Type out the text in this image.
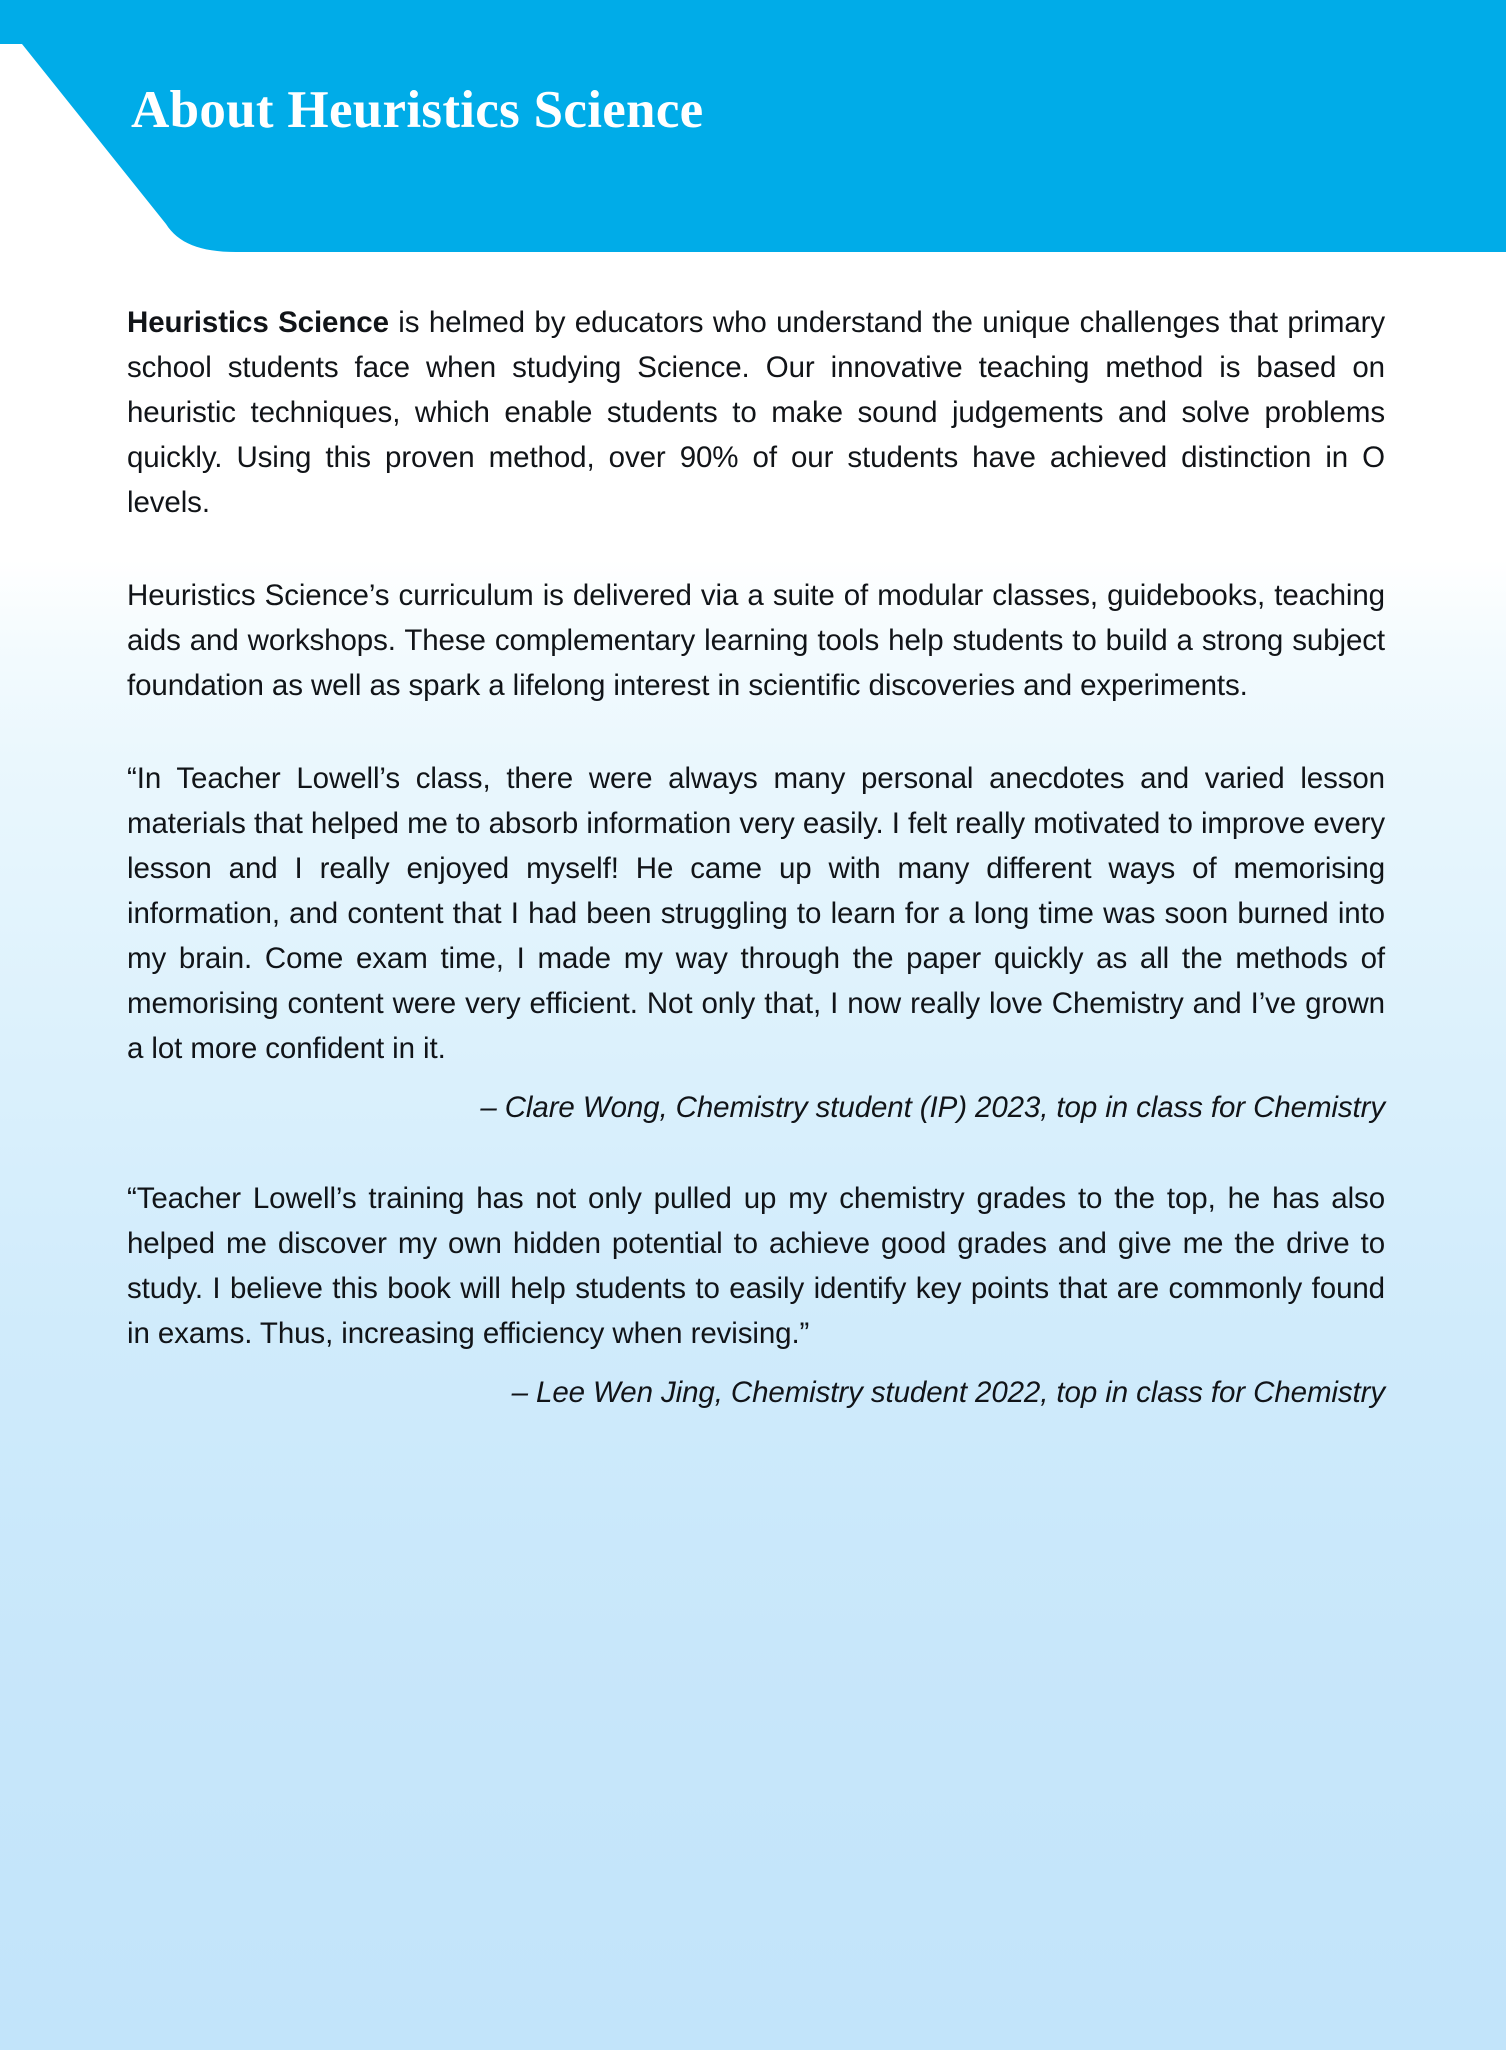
About Heuristics Science

Heuristics Science is helmed by educators who understand the unique challenges that primary school students face when studying Science. Our innovative teaching method is based on heuristic techniques, which enable students to make sound judgements and solve problems quickly. Using this proven method, over 90% of our students have achieved distinction in O levels.

Heuristics Science’s curriculum is delivered via a suite of modular classes, guidebooks, teaching aids and workshops. These complementary learning tools help students to build a strong subject foundation as well as spark a lifelong interest in scientific discoveries and experiments.

“In Teacher Lowell’s class, there were always many personal anecdotes and varied lesson materials that helped me to absorb information very easily. I felt really motivated to improve every lesson and I really enjoyed myself! He came up with many different ways of memorising information, and content that I had been struggling to learn for a long time was soon burned into my brain. Come exam time, I made my way through the paper quickly as all the methods of memorising content were very efficient. Not only that, I now really love Chemistry and I’ve grown a lot more confident in it.

– Clare Wong, Chemistry student (IP) 2023, top in class for Chemistry

“Teacher Lowell’s training has not only pulled up my chemistry grades to the top, he has also helped me discover my own hidden potential to achieve good grades and give me the drive to study. I believe this book will help students to easily identify key points that are commonly found in exams. Thus, increasing efficiency when revising.”

– Lee Wen Jing, Chemistry student 2022, top in class for Chemistry
